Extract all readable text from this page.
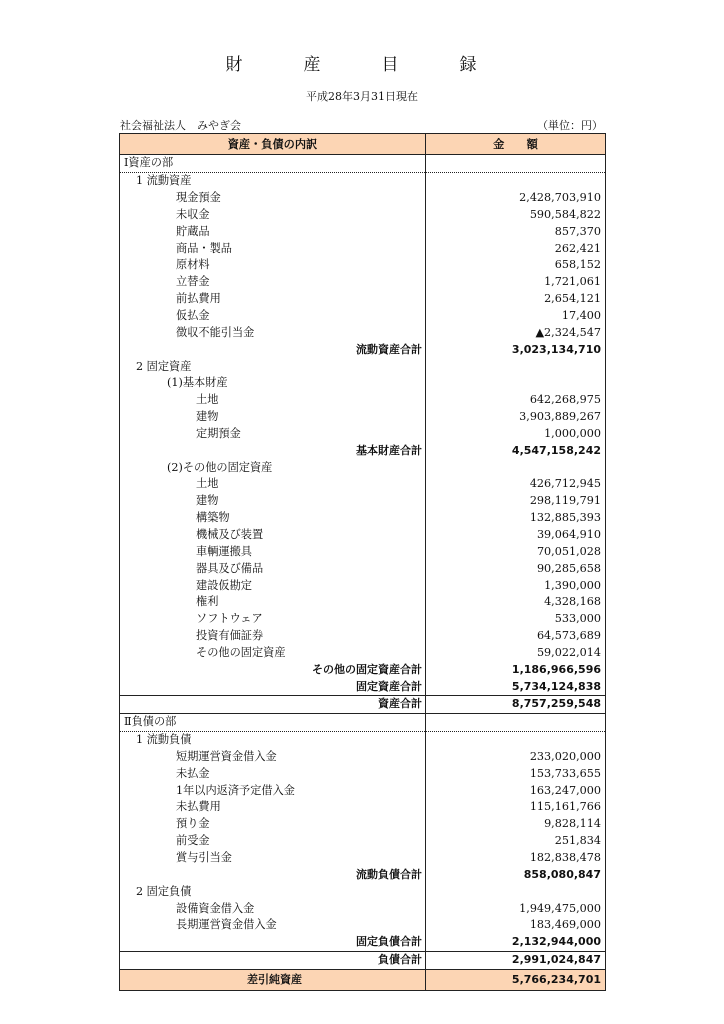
財　産　目　録
平成28年3月31日現在
社会福祉法人　みやぎ会	（単位：円）
資産・負債の内訳	金　　額
Ⅰ資産の部	
1 流動資産	
現金預金	2,428,703,910
未収金	590,584,822
貯蔵品	857,370
商品・製品	262,421
原材料	658,152
立替金	1,721,061
前払費用	2,654,121
仮払金	17,400
徴収不能引当金	▲2,324,547
流動資産合計	3,023,134,710
2 固定資産	
(1)基本財産	
土地	642,268,975
建物	3,903,889,267
定期預金	1,000,000
基本財産合計	4,547,158,242
(2)その他の固定資産	
土地	426,712,945
建物	298,119,791
構築物	132,885,393
機械及び装置	39,064,910
車輌運搬具	70,051,028
器具及び備品	90,285,658
建設仮勘定	1,390,000
権利	4,328,168
ソフトウェア	533,000
投資有価証券	64,573,689
その他の固定資産	59,022,014
その他の固定資産合計	1,186,966,596
固定資産合計	5,734,124,838
資産合計	8,757,259,548
Ⅱ負債の部	
1 流動負債	
短期運営資金借入金	233,020,000
未払金	153,733,655
1年以内返済予定借入金	163,247,000
未払費用	115,161,766
預り金	9,828,114
前受金	251,834
賞与引当金	182,838,478
流動負債合計	858,080,847
2 固定負債	
設備資金借入金	1,949,475,000
長期運営資金借入金	183,469,000
固定負債合計	2,132,944,000
負債合計	2,991,024,847
差引純資産	5,766,234,701
